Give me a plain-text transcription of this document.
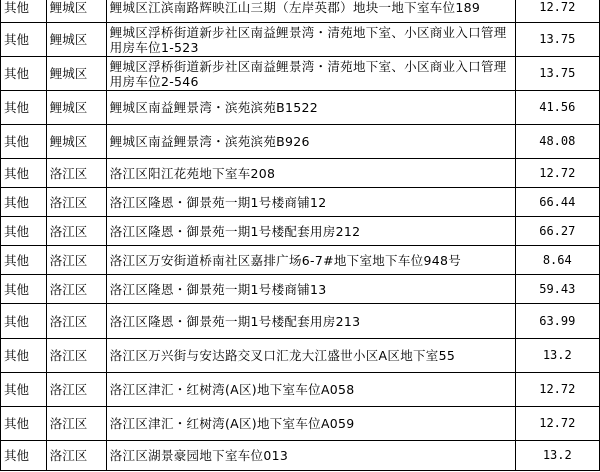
其他	鲤城区	鲤城区江滨南路辉映江山三期（左岸英郡）地块一地下室车位189	12.72
其他	鲤城区	鲤城区浮桥街道新步社区南益鲤景湾・清苑地下室、小区商业入口管理用房车位1-523	13.75
其他	鲤城区	鲤城区浮桥街道新步社区南益鲤景湾・清苑地下室、小区商业入口管理用房车位2-546	13.75
其他	鲤城区	鲤城区南益鲤景湾・滨苑滨苑B1522	41.56
其他	鲤城区	鲤城区南益鲤景湾・滨苑滨苑B926	48.08
其他	洛江区	洛江区阳江花苑地下室车208	12.72
其他	洛江区	洛江区隆恩・御景苑一期1号楼商铺12	66.44
其他	洛江区	洛江区隆恩・御景苑一期1号楼配套用房212	66.27
其他	洛江区	洛江区万安街道桥南社区嘉排广场6-7#地下室地下车位948号	8.64
其他	洛江区	洛江区隆恩・御景苑一期1号楼商铺13	59.43
其他	洛江区	洛江区隆恩・御景苑一期1号楼配套用房213	63.99
其他	洛江区	洛江区万兴街与安达路交叉口汇龙大江盛世小区A区地下室55	13.2
其他	洛江区	洛江区津汇・红树湾(A区)地下室车位A058	12.72
其他	洛江区	洛江区津汇・红树湾(A区)地下室车位A059	12.72
其他	洛江区	洛江区湖景豪园地下室车位013	13.2
